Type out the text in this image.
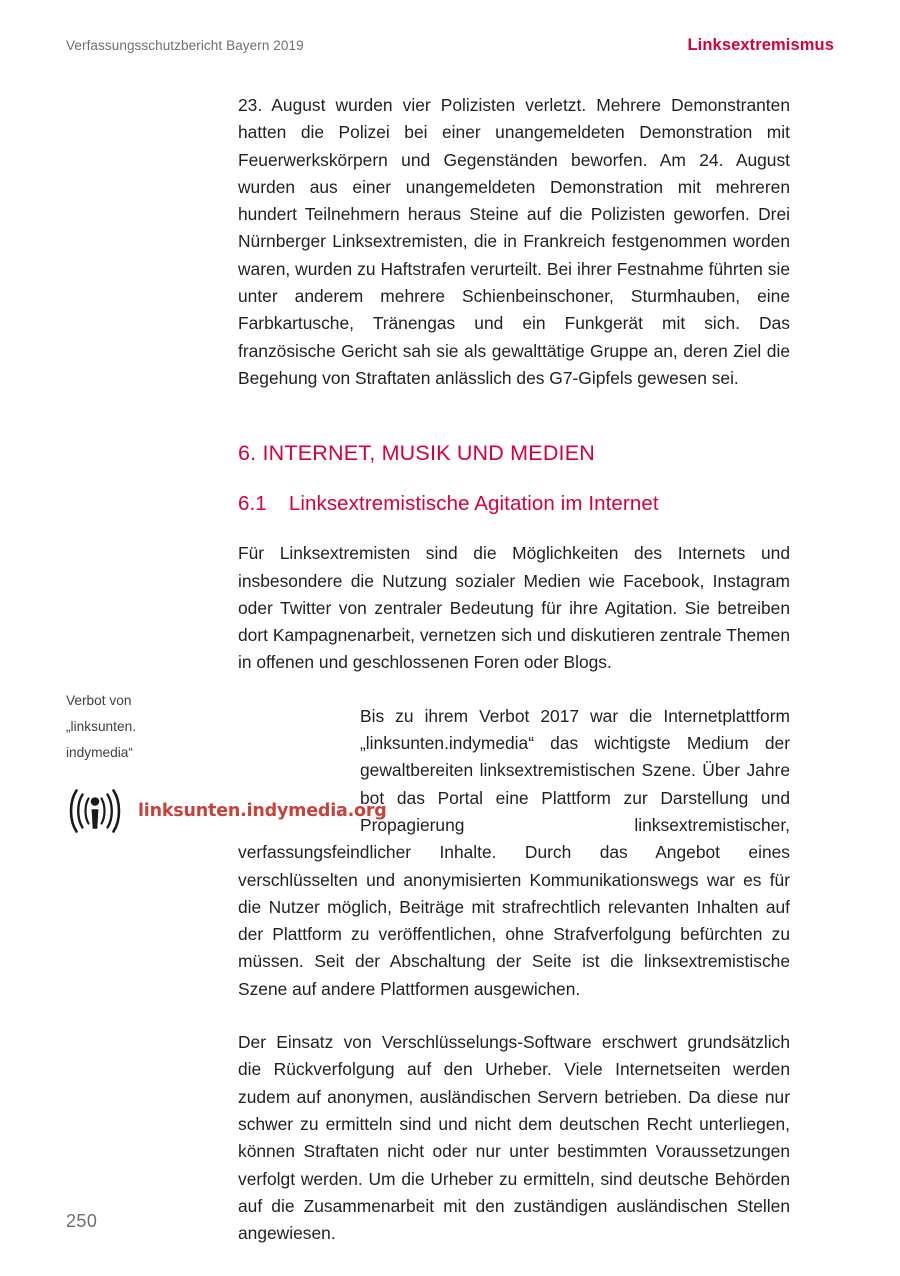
Verfassungsschutzbericht Bayern 2019	Linksextremismus

23. August wurden vier Polizisten verletzt. Mehrere Demonstranten hatten die Polizei bei einer unangemeldeten Demonstration mit Feuerwerkskörpern und Gegenständen beworfen. Am 24. August wurden aus einer unangemeldeten Demonstration mit mehreren hundert Teilnehmern heraus Steine auf die Polizisten geworfen. Drei Nürnberger Linksextremisten, die in Frankreich festgenommen worden waren, wurden zu Haftstrafen verurteilt. Bei ihrer Festnahme führten sie unter anderem mehrere Schienbeinschoner, Sturmhauben, eine Farbkartusche, Tränengas und ein Funkgerät mit sich. Das französische Gericht sah sie als gewalttätige Gruppe an, deren Ziel die Begehung von Straftaten anlässlich des G7-Gipfels gewesen sei.

6. INTERNET, MUSIK UND MEDIEN
6.1 Linksextremistische Agitation im Internet

Für Linksextremisten sind die Möglichkeiten des Internets und insbesondere die Nutzung sozialer Medien wie Facebook, Instagram oder Twitter von zentraler Bedeutung für ihre Agitation. Sie betreiben dort Kampagnenarbeit, vernetzen sich und diskutieren zentrale Themen in offenen und geschlossenen Foren oder Blogs.

Bis zu ihrem Verbot 2017 war die Internetplattform „linksunten.indymedia“ das wichtigste Medium der gewaltbereiten linksextremistischen Szene. Über Jahre bot das Portal eine Plattform zur Darstellung und Propagierung linksextremistischer, verfassungsfeindlicher Inhalte. Durch das Angebot eines verschlüsselten und anonymisierten Kommunikationswegs war es für die Nutzer möglich, Beiträge mit strafrechtlich relevanten Inhalten auf der Plattform zu veröffentlichen, ohne Strafverfolgung befürchten zu müssen. Seit der Abschaltung der Seite ist die linksextremistische Szene auf andere Plattformen ausgewichen.

Der Einsatz von Verschlüsselungs-Software erschwert grundsätzlich die Rückverfolgung auf den Urheber. Viele Internetseiten werden zudem auf anonymen, ausländischen Servern betrieben. Da diese nur schwer zu ermitteln sind und nicht dem deutschen Recht unterliegen, können Straftaten nicht oder nur unter bestimmten Voraussetzungen verfolgt werden. Um die Urheber zu ermitteln, sind deutsche Behörden auf die Zusammenarbeit mit den zuständigen ausländischen Stellen angewiesen.

Verbot von
„linksunten.
indymedia“
linksunten.indymedia.org
250
